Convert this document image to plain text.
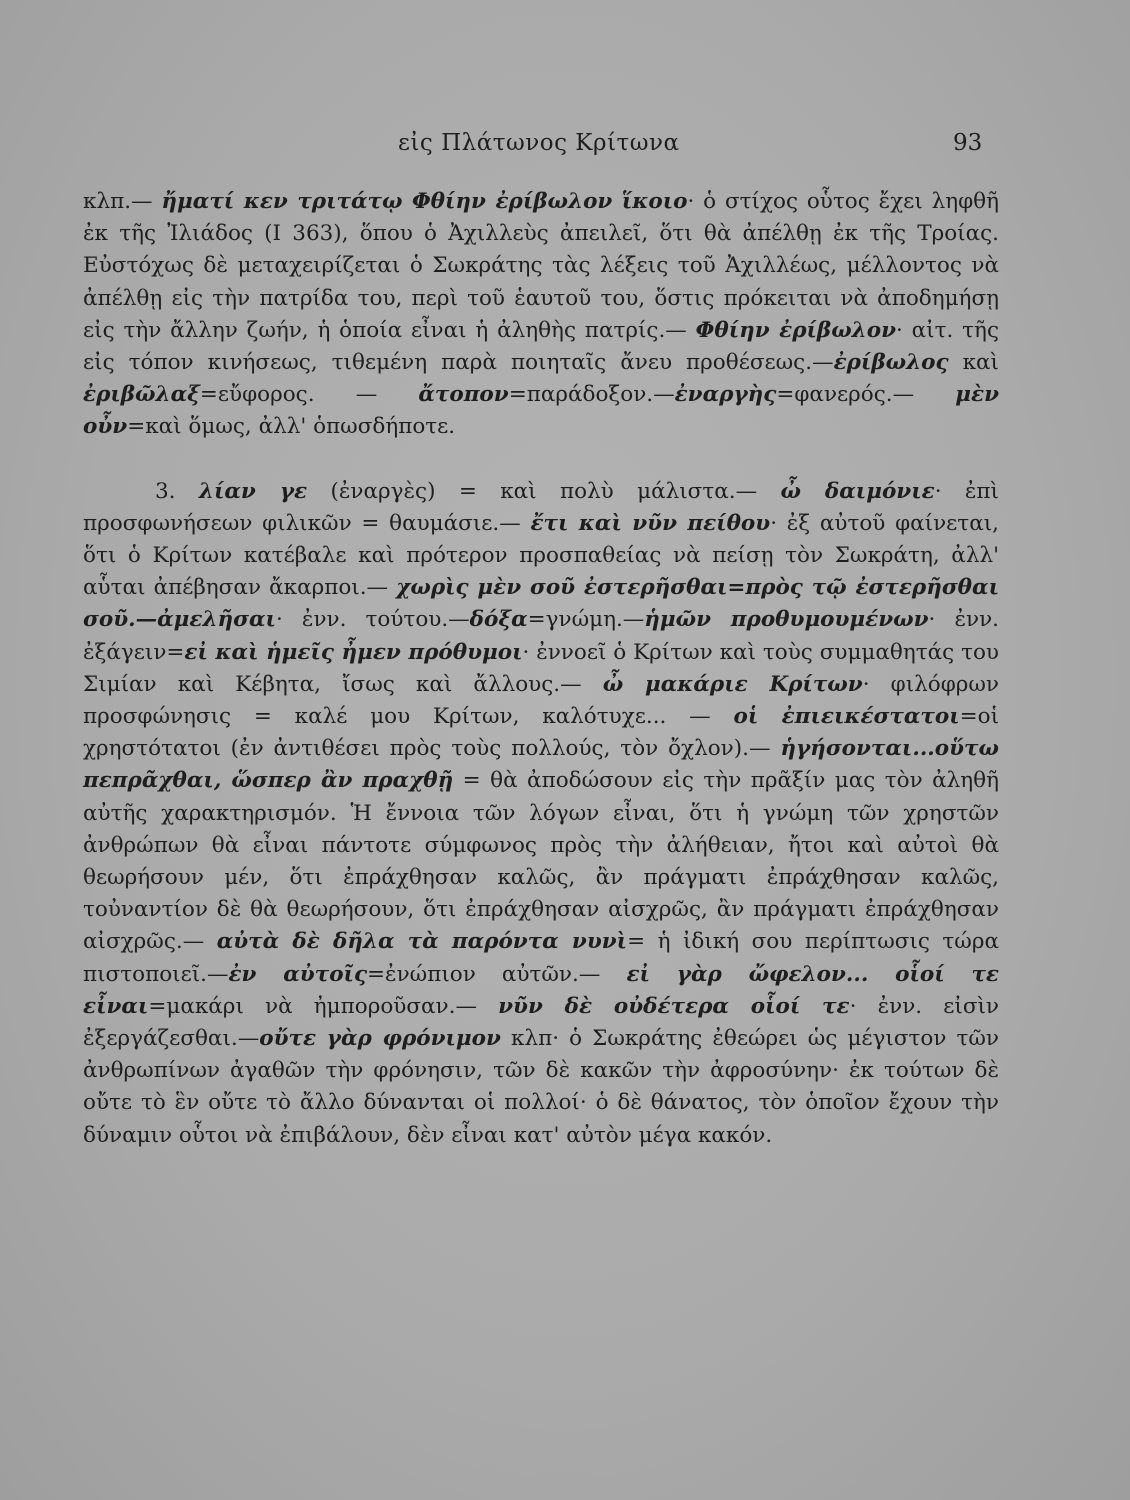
εἰς Πλάτωνος Κρίτωνα	93

κλπ.— ἤματί κεν τριτάτῳ Φθίην ἐρίβωλον ἵκοιο· ὁ στίχος οὗτος ἔχει ληφθῆ ἐκ τῆς Ἰλιάδος (Ι 363), ὅπου ὁ Ἀχιλλεὺς ἀπειλεῖ, ὅτι θὰ ἀπέλθῃ ἐκ τῆς Τροίας. Εὐστόχως δὲ μεταχειρίζεται ὁ Σωκράτης τὰς λέξεις τοῦ Ἀχιλλέως, μέλλοντος νὰ ἀπέλθῃ εἰς τὴν πατρίδα του, περὶ τοῦ ἑαυτοῦ του, ὅστις πρόκειται νὰ ἀποδημήσῃ εἰς τὴν ἄλλην ζωήν, ἡ ὁποία εἶναι ἡ ἀληθὴς πατρίς.— Φθίην ἐρίβωλον· αἰτ. τῆς εἰς τόπον κινήσεως, τιθεμένη παρὰ ποιηταῖς ἄνευ προθέσεως.—ἐρίβωλος καὶ ἐριβῶλαξ=εὔφορος. — ἄτοπον=παράδοξον.—ἐναργὴς=φανερός.— μὲν οὖν=καὶ ὅμως, ἀλλ' ὁπωσδήποτε.

3. λίαν γε (ἐναργὲς) = καὶ πολὺ μάλιστα.— ὦ δαιμόνιε· ἐπὶ προσφωνήσεων φιλικῶν = θαυμάσιε.— ἔτι καὶ νῦν πείθου· ἐξ αὐτοῦ φαίνεται, ὅτι ὁ Κρίτων κατέβαλε καὶ πρότερον προσπαθείας νὰ πείσῃ τὸν Σωκράτη, ἀλλ' αὗται ἀπέβησαν ἄκαρποι.— χωρὶς μὲν σοῦ ἐστερῆσθαι=πρὸς τῷ ἐστερῆσθαι σοῦ.—ἀμελῆσαι· ἐνν. τούτου.—δόξα=γνώμη.—ἡμῶν προθυμουμένων· ἐνν. ἐξάγειν=εἰ καὶ ἡμεῖς ἦμεν πρόθυμοι· ἐννοεῖ ὁ Κρίτων καὶ τοὺς συμμαθητάς του Σιμίαν καὶ Κέβητα, ἴσως καὶ ἄλλους.— ὦ μακάριε Κρίτων· φιλόφρων προσφώνησις = καλέ μου Κρίτων, καλότυχε... — οἱ ἐπιεικέστατοι=οἱ χρηστότατοι (ἐν ἀντιθέσει πρὸς τοὺς πολλούς, τὸν ὄχλον).— ἡγήσονται...οὕτω πεπρᾶχθαι, ὥσπερ ἂν πραχθῇ = θὰ ἀποδώσουν εἰς τὴν πρᾶξίν μας τὸν ἀληθῆ αὐτῆς χαρακτηρισμόν. Ἡ ἔννοια τῶν λόγων εἶναι, ὅτι ἡ γνώμη τῶν χρηστῶν ἀνθρώπων θὰ εἶναι πάντοτε σύμφωνος πρὸς τὴν ἀλήθειαν, ἤτοι καὶ αὐτοὶ θὰ θεωρήσουν μέν, ὅτι ἐπράχθησαν καλῶς, ἂν πράγματι ἐπράχθησαν καλῶς, τοὐναντίον δὲ θὰ θεωρήσουν, ὅτι ἐπράχθησαν αἰσχρῶς, ἂν πράγματι ἐπράχθησαν αἰσχρῶς.— αὐτὰ δὲ δῆλα τὰ παρόντα νυνὶ= ἡ ἰδική σου περίπτωσις τώρα πιστοποιεῖ.—ἐν αὐτοῖς=ἐνώπιον αὐτῶν.— εἰ γὰρ ὤφελον... οἷοί τε εἶναι=μακάρι νὰ ἠμποροῦσαν.— νῦν δὲ οὐδέτερα οἷοί τε· ἐνν. εἰσὶν ἐξεργάζεσθαι.—οὔτε γὰρ φρόνιμον κλπ· ὁ Σωκράτης ἐθεώρει ὡς μέγιστον τῶν ἀνθρωπίνων ἀγαθῶν τὴν φρόνησιν, τῶν δὲ κακῶν τὴν ἀφροσύνην· ἐκ τούτων δὲ οὔτε τὸ ἓν οὔτε τὸ ἄλλο δύνανται οἱ πολλοί· ὁ δὲ θάνατος, τὸν ὁποῖον ἔχουν τὴν δύναμιν οὗτοι νὰ ἐπιβάλουν, δὲν εἶναι κατ' αὐτὸν μέγα κακόν.
